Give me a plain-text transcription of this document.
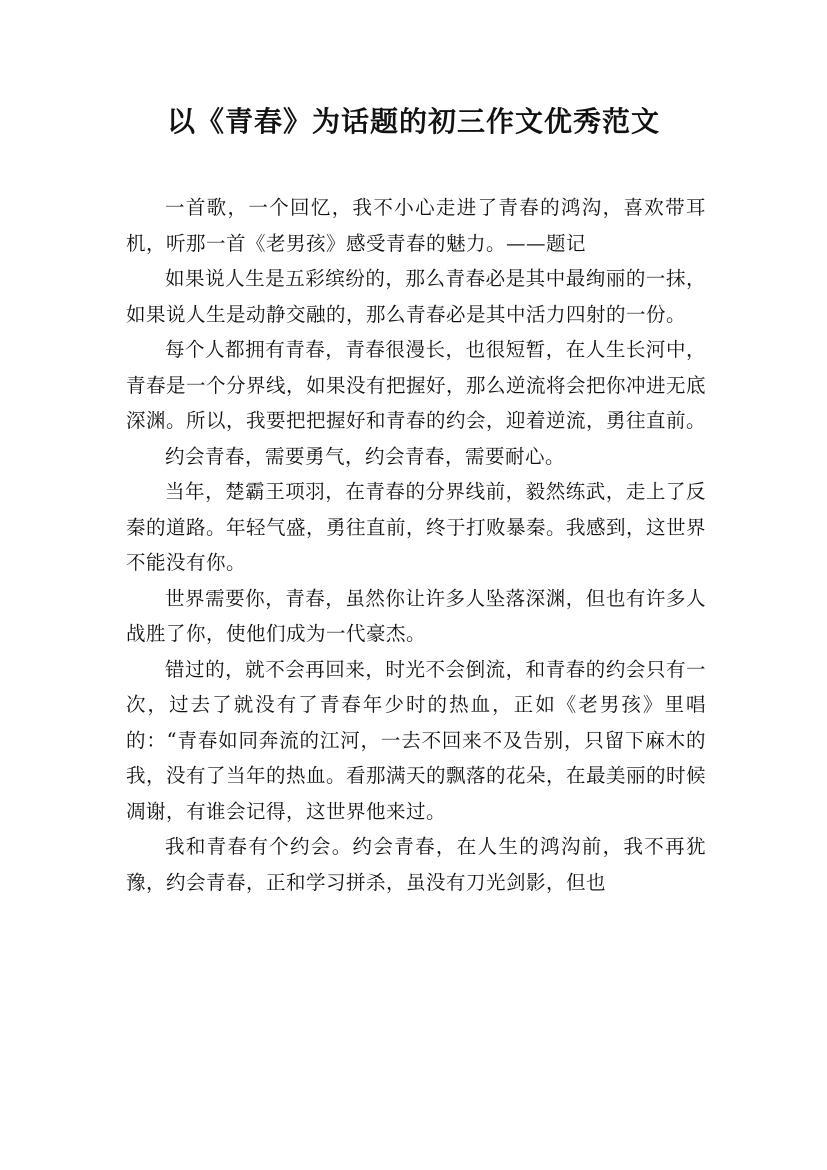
以《青春》为话题的初三作文优秀范文

一首歌，一个回忆，我不小心走进了青春的鸿沟，喜欢带耳机，听那一首《老男孩》感受青春的魅力。——题记

如果说人生是五彩缤纷的，那么青春必是其中最绚丽的一抹，如果说人生是动静交融的，那么青春必是其中活力四射的一份。

每个人都拥有青春，青春很漫长，也很短暂，在人生长河中，青春是一个分界线，如果没有把握好，那么逆流将会把你冲进无底深渊。所以，我要把把握好和青春的约会，迎着逆流，勇往直前。

约会青春，需要勇气，约会青春，需要耐心。

当年，楚霸王项羽，在青春的分界线前，毅然练武，走上了反秦的道路。年轻气盛，勇往直前，终于打败暴秦。我感到，这世界不能没有你。

世界需要你，青春，虽然你让许多人坠落深渊，但也有许多人战胜了你，使他们成为一代豪杰。

错过的，就不会再回来，时光不会倒流，和青春的约会只有一次，过去了就没有了青春年少时的热血，正如《老男孩》里唱的：“青春如同奔流的江河，一去不回来不及告别，只留下麻木的我，没有了当年的热血。看那满天的飘落的花朵，在最美丽的时候凋谢，有谁会记得，这世界他来过。

我和青春有个约会。约会青春，在人生的鸿沟前，我不再犹豫，约会青春，正和学习拼杀，虽没有刀光剑影，但也
